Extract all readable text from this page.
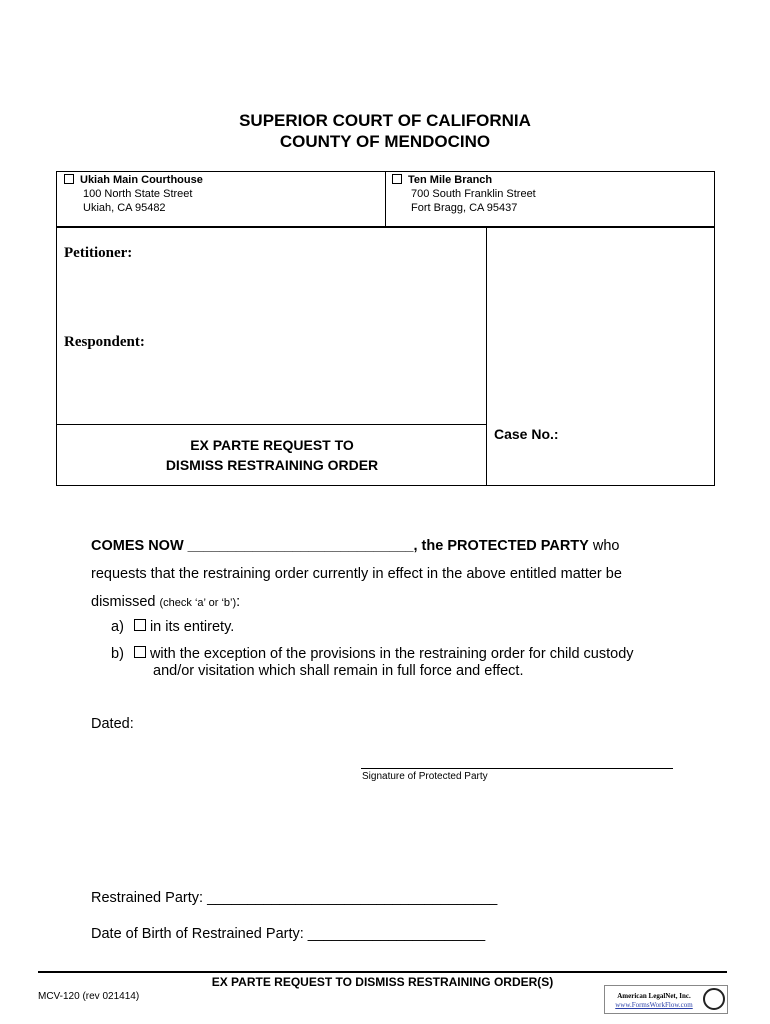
SUPERIOR COURT OF CALIFORNIA
COUNTY OF MENDOCINO
Ukiah Main Courthouse
100 North State Street
Ukiah, CA 95482
Ten Mile Branch
700 South Franklin Street
Fort Bragg, CA 95437
Petitioner:
Respondent:
EX PARTE REQUEST TO
DISMISS RESTRAINING ORDER
Case No.:
COMES NOW ____________________________, the PROTECTED PARTY who
requests that the restraining order currently in effect in the above entitled matter be
dismissed (check ‘a’ or ‘b’):
a) in its entirety.
b) with the exception of the provisions in the restraining order for child custody
and/or visitation which shall remain in full force and effect.
Dated:
Signature of Protected Party
Restrained Party: ____________________________________
Date of Birth of Restrained Party: ______________________
EX PARTE REQUEST TO DISMISS RESTRAINING ORDER(S)
MCV-120 (rev 021414)	American LegalNet, Inc.
www.FormsWorkFlow.com
